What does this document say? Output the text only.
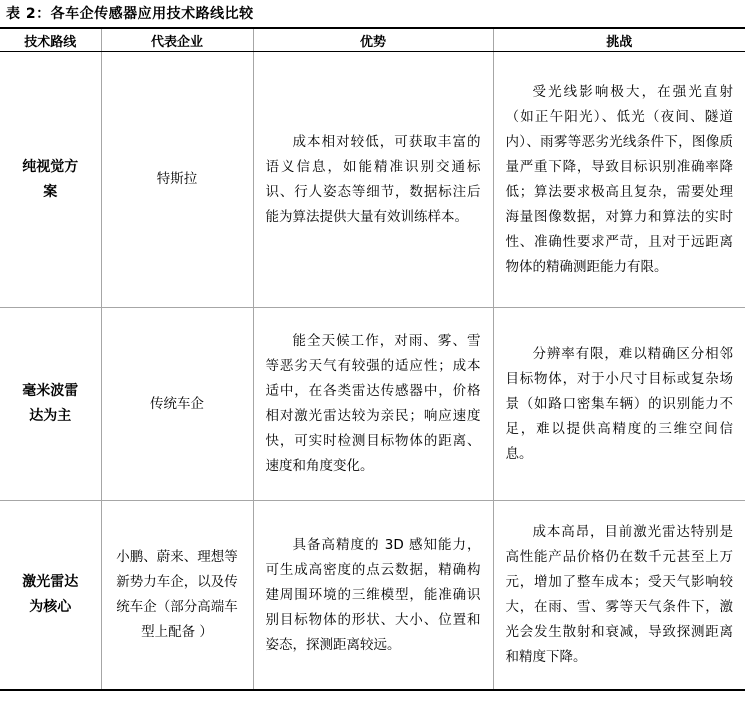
表 2：各车企传感器应用技术路线比较
技术路线	代表企业	优势	挑战
纯视觉方案	特斯拉	成本相对较低，可获取丰富的语义信息，如能精准识别交通标识、行人姿态等细节，数据标注后能为算法提供大量有效训练样本。	受光线影响极大，在强光直射（如正午阳光）、低光（夜间、隧道内）、雨雾等恶劣光线条件下，图像质量严重下降，导致目标识别准确率降低；算法要求极高且复杂，需要处理海量图像数据，对算力和算法的实时性、准确性要求严苛，且对于远距离物体的精确测距能力有限。
毫米波雷达为主	传统车企	能全天候工作，对雨、雾、雪等恶劣天气有较强的适应性；成本适中，在各类雷达传感器中，价格相对激光雷达较为亲民；响应速度快，可实时检测目标物体的距离、速度和角度变化。	分辨率有限，难以精确区分相邻目标物体，对于小尺寸目标或复杂场景（如路口密集车辆）的识别能力不足，难以提供高精度的三维空间信息。
激光雷达为核心	小鹏、蔚来、理想等新势力车企，以及传统车企（部分高端车型上配备 ）	具备高精度的 3D 感知能力，可生成高密度的点云数据，精确构建周围环境的三维模型，能准确识别目标物体的形状、大小、位置和姿态，探测距离较远。	成本高昂，目前激光雷达特别是高性能产品价格仍在数千元甚至上万元，增加了整车成本；受天气影响较大，在雨、雪、雾等天气条件下，激光会发生散射和衰减，导致探测距离和精度下降。
